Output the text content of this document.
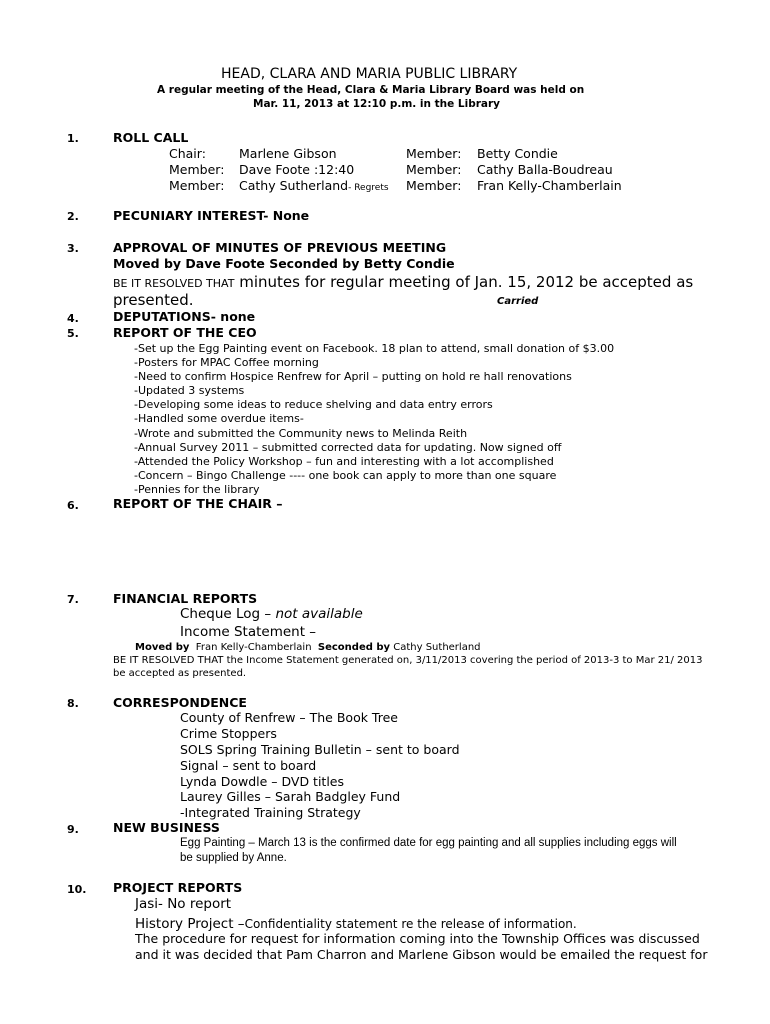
HEAD, CLARA AND MARIA PUBLIC LIBRARY
A regular meeting of the Head, Clara & Maria Library Board was held on
Mar. 11, 2013 at 12:10 p.m. in the Library
1.	ROLL CALL
Chair:	Marlene Gibson	Member: Betty Condie
Member: Dave Foote :12:40	Member: Cathy Balla-Boudreau
Member: Cathy Sutherland- Regrets Member: Fran Kelly-Chamberlain
2.	PECUNIARY INTEREST- None
3.	APPROVAL OF MINUTES OF PREVIOUS MEETING
Moved by Dave Foote Seconded by Betty Condie
BE IT RESOLVED THAT minutes for regular meeting of Jan. 15, 2012 be accepted as
presented.	Carried
4.	DEPUTATIONS- none
5.	REPORT OF THE CEO
-Set up the Egg Painting event on Facebook. 18 plan to attend, small donation of $3.00
-Posters for MPAC Coffee morning
-Need to confirm Hospice Renfrew for April – putting on hold re hall renovations
-Updated 3 systems
-Developing some ideas to reduce shelving and data entry errors
-Handled some overdue items-
-Wrote and submitted the Community news to Melinda Reith
-Annual Survey 2011 – submitted corrected data for updating. Now signed off
-Attended the Policy Workshop – fun and interesting with a lot accomplished
-Concern – Bingo Challenge ---- one book can apply to more than one square
-Pennies for the library
6.	REPORT OF THE CHAIR –
7.	FINANCIAL REPORTS
Cheque Log – not available
Income Statement –
Moved by  Fran Kelly-Chamberlain  Seconded by Cathy Sutherland
BE IT RESOLVED THAT the Income Statement generated on, 3/11/2013 covering the period of 2013-3 to Mar 21/ 2013
be accepted as presented.
8.	CORRESPONDENCE
County of Renfrew – The Book Tree
Crime Stoppers
SOLS Spring Training Bulletin – sent to board
Signal – sent to board
Lynda Dowdle – DVD titles
Laurey Gilles – Sarah Badgley Fund
-Integrated Training Strategy
9.	NEW BUSINESS
Egg Painting – March 13 is the confirmed date for egg painting and all supplies including eggs will
be supplied by Anne.
10. PROJECT REPORTS
Jasi- No report
History Project –Confidentiality statement re the release of information.
The procedure for request for information coming into the Township Offices was discussed
and it was decided that Pam Charron and Marlene Gibson would be emailed the request for
